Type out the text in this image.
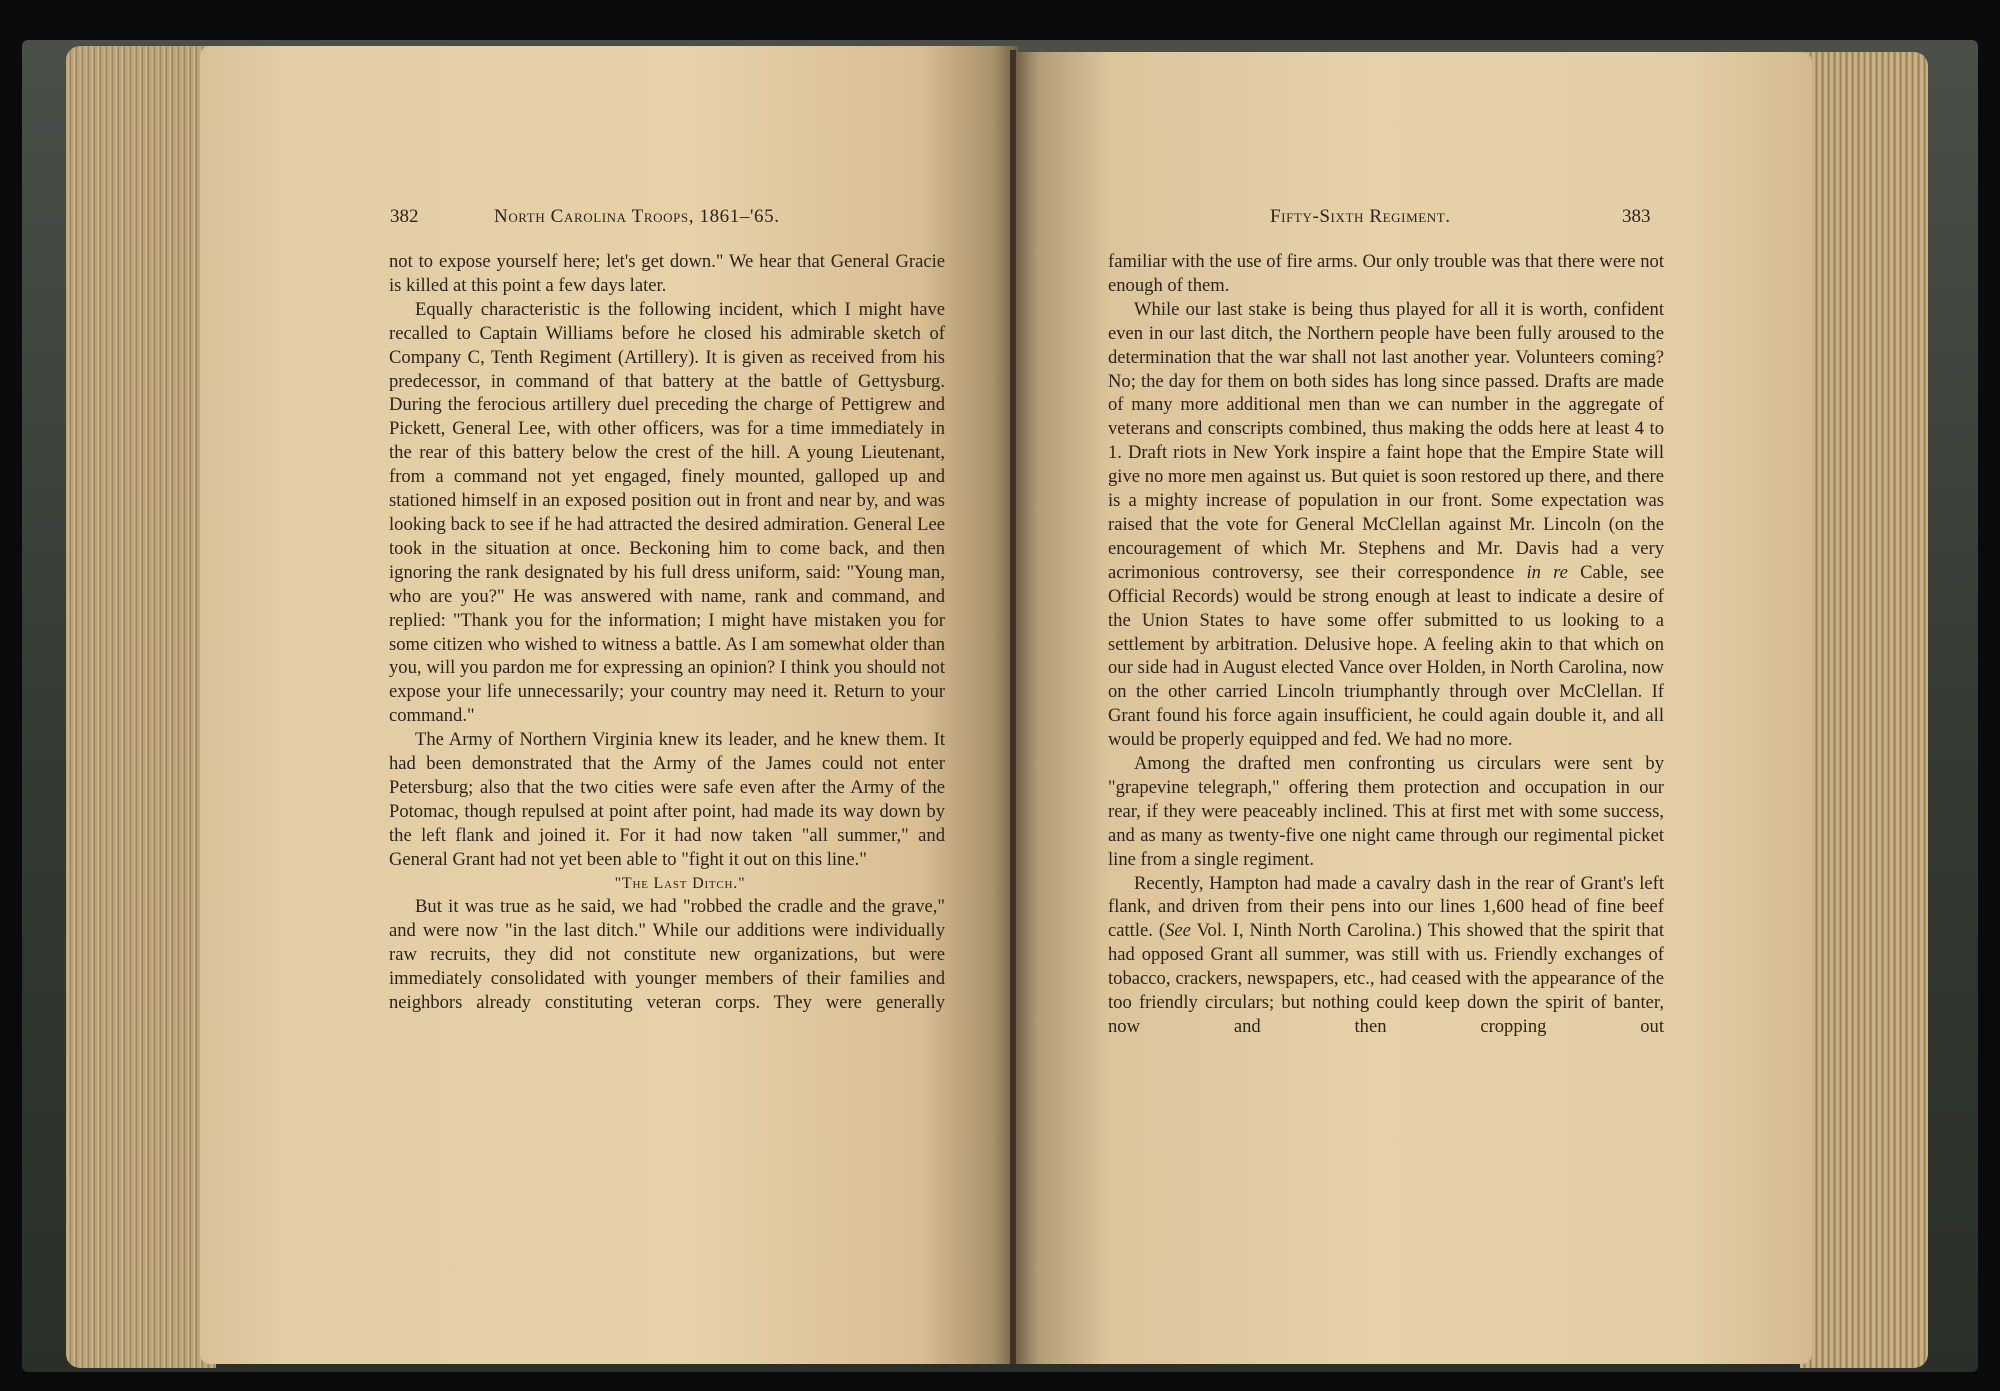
382	North Carolina Troops, 1861–'65.	Fifty-Sixth Regiment.	383

not to expose yourself here; let's get down." We hear that General Gracie is killed at this point a few days later.

Equally characteristic is the following incident, which I might have recalled to Captain Williams before he closed his admirable sketch of Company C, Tenth Regiment (Artillery). It is given as received from his predecessor, in command of that battery at the battle of Gettysburg. During the ferocious artillery duel preceding the charge of Pettigrew and Pickett, General Lee, with other officers, was for a time immediately in the rear of this battery below the crest of the hill. A young Lieutenant, from a command not yet engaged, finely mounted, galloped up and stationed himself in an exposed position out in front and near by, and was looking back to see if he had attracted the desired admiration. General Lee took in the situation at once. Beckoning him to come back, and then ignoring the rank designated by his full dress uniform, said: "Young man, who are you?" He was answered with name, rank and command, and replied: "Thank you for the information; I might have mistaken you for some citizen who wished to witness a battle. As I am somewhat older than you, will you pardon me for expressing an opinion? I think you should not expose your life unnecessarily; your country may need it. Return to your command."

The Army of Northern Virginia knew its leader, and he knew them. It had been demonstrated that the Army of the James could not enter Petersburg; also that the two cities were safe even after the Army of the Potomac, though repulsed at point after point, had made its way down by the left flank and joined it. For it had now taken "all summer," and General Grant had not yet been able to "fight it out on this line."

"The Last Ditch."

But it was true as he said, we had "robbed the cradle and the grave," and were now "in the last ditch." While our additions were individually raw recruits, they did not constitute new organizations, but were immediately consolidated with younger members of their families and neighbors already constituting veteran corps. They were generally

familiar with the use of fire arms. Our only trouble was that there were not enough of them.

While our last stake is being thus played for all it is worth, confident even in our last ditch, the Northern people have been fully aroused to the determination that the war shall not last another year. Volunteers coming? No; the day for them on both sides has long since passed. Drafts are made of many more additional men than we can number in the aggregate of veterans and conscripts combined, thus making the odds here at least 4 to 1. Draft riots in New York inspire a faint hope that the Empire State will give no more men against us. But quiet is soon restored up there, and there is a mighty increase of population in our front. Some expectation was raised that the vote for General McClellan against Mr. Lincoln (on the encouragement of which Mr. Stephens and Mr. Davis had a very acrimonious controversy, see their correspondence in re Cable, see Official Records) would be strong enough at least to indicate a desire of the Union States to have some offer submitted to us looking to a settlement by arbitration. Delusive hope. A feeling akin to that which on our side had in August elected Vance over Holden, in North Carolina, now on the other carried Lincoln triumphantly through over McClellan. If Grant found his force again insufficient, he could again double it, and all would be properly equipped and fed. We had no more.

Among the drafted men confronting us circulars were sent by "grapevine telegraph," offering them protection and occupation in our rear, if they were peaceably inclined. This at first met with some success, and as many as twenty-five one night came through our regimental picket line from a single regiment.

Recently, Hampton had made a cavalry dash in the rear of Grant's left flank, and driven from their pens into our lines 1,600 head of fine beef cattle. (See Vol. I, Ninth North Carolina.) This showed that the spirit that had opposed Grant all summer, was still with us. Friendly exchanges of tobacco, crackers, newspapers, etc., had ceased with the appearance of the too friendly circulars; but nothing could keep down the spirit of banter, now and then cropping out
